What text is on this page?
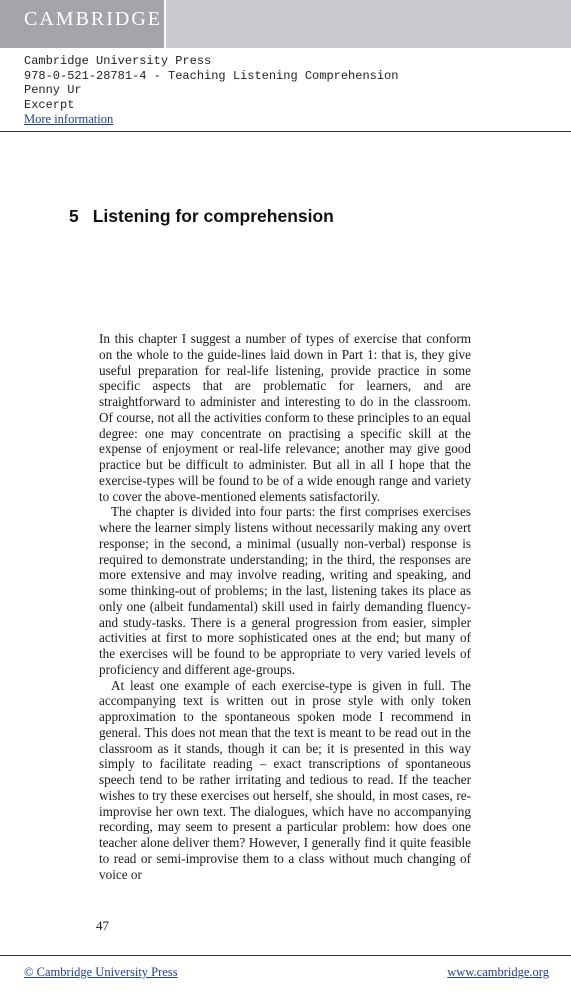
CAMBRIDGE
Cambridge University Press
978-0-521-28781-4 - Teaching Listening Comprehension
Penny Ur
Excerpt
More information
5 Listening for comprehension

In this chapter I suggest a number of types of exercise that conform on the whole to the guide-lines laid down in Part 1: that is, they give useful preparation for real-life listening, provide practice in some specific aspects that are problematic for learners, and are straightforward to administer and interesting to do in the classroom. Of course, not all the activities conform to these principles to an equal degree: one may concentrate on practising a specific skill at the expense of enjoyment or real-life relevance; another may give good practice but be difficult to administer. But all in all I hope that the exercise-types will be found to be of a wide enough range and variety to cover the above-mentioned elements satisfactorily.

The chapter is divided into four parts: the first comprises exercises where the learner simply listens without necessarily making any overt response; in the second, a minimal (usually non-verbal) response is required to demonstrate understanding; in the third, the responses are more extensive and may involve reading, writing and speaking, and some thinking-out of problems; in the last, listening takes its place as only one (albeit fundamental) skill used in fairly demanding fluency- and study-tasks. There is a general progression from easier, simpler activities at first to more sophisticated ones at the end; but many of the exercises will be found to be appropriate to very varied levels of proficiency and different age-groups.

At least one example of each exercise-type is given in full. The accompanying text is written out in prose style with only token approximation to the spontaneous spoken mode I recommend in general. This does not mean that the text is meant to be read out in the classroom as it stands, though it can be; it is presented in this way simply to facilitate reading – exact transcriptions of spontaneous speech tend to be rather irritating and tedious to read. If the teacher wishes to try these exercises out herself, she should, in most cases, re-improvise her own text. The dialogues, which have no accompanying recording, may seem to present a particular problem: how does one teacher alone deliver them? However, I generally find it quite feasible to read or semi-improvise them to a class without much changing of voice or

47
© Cambridge University Press	www.cambridge.org
